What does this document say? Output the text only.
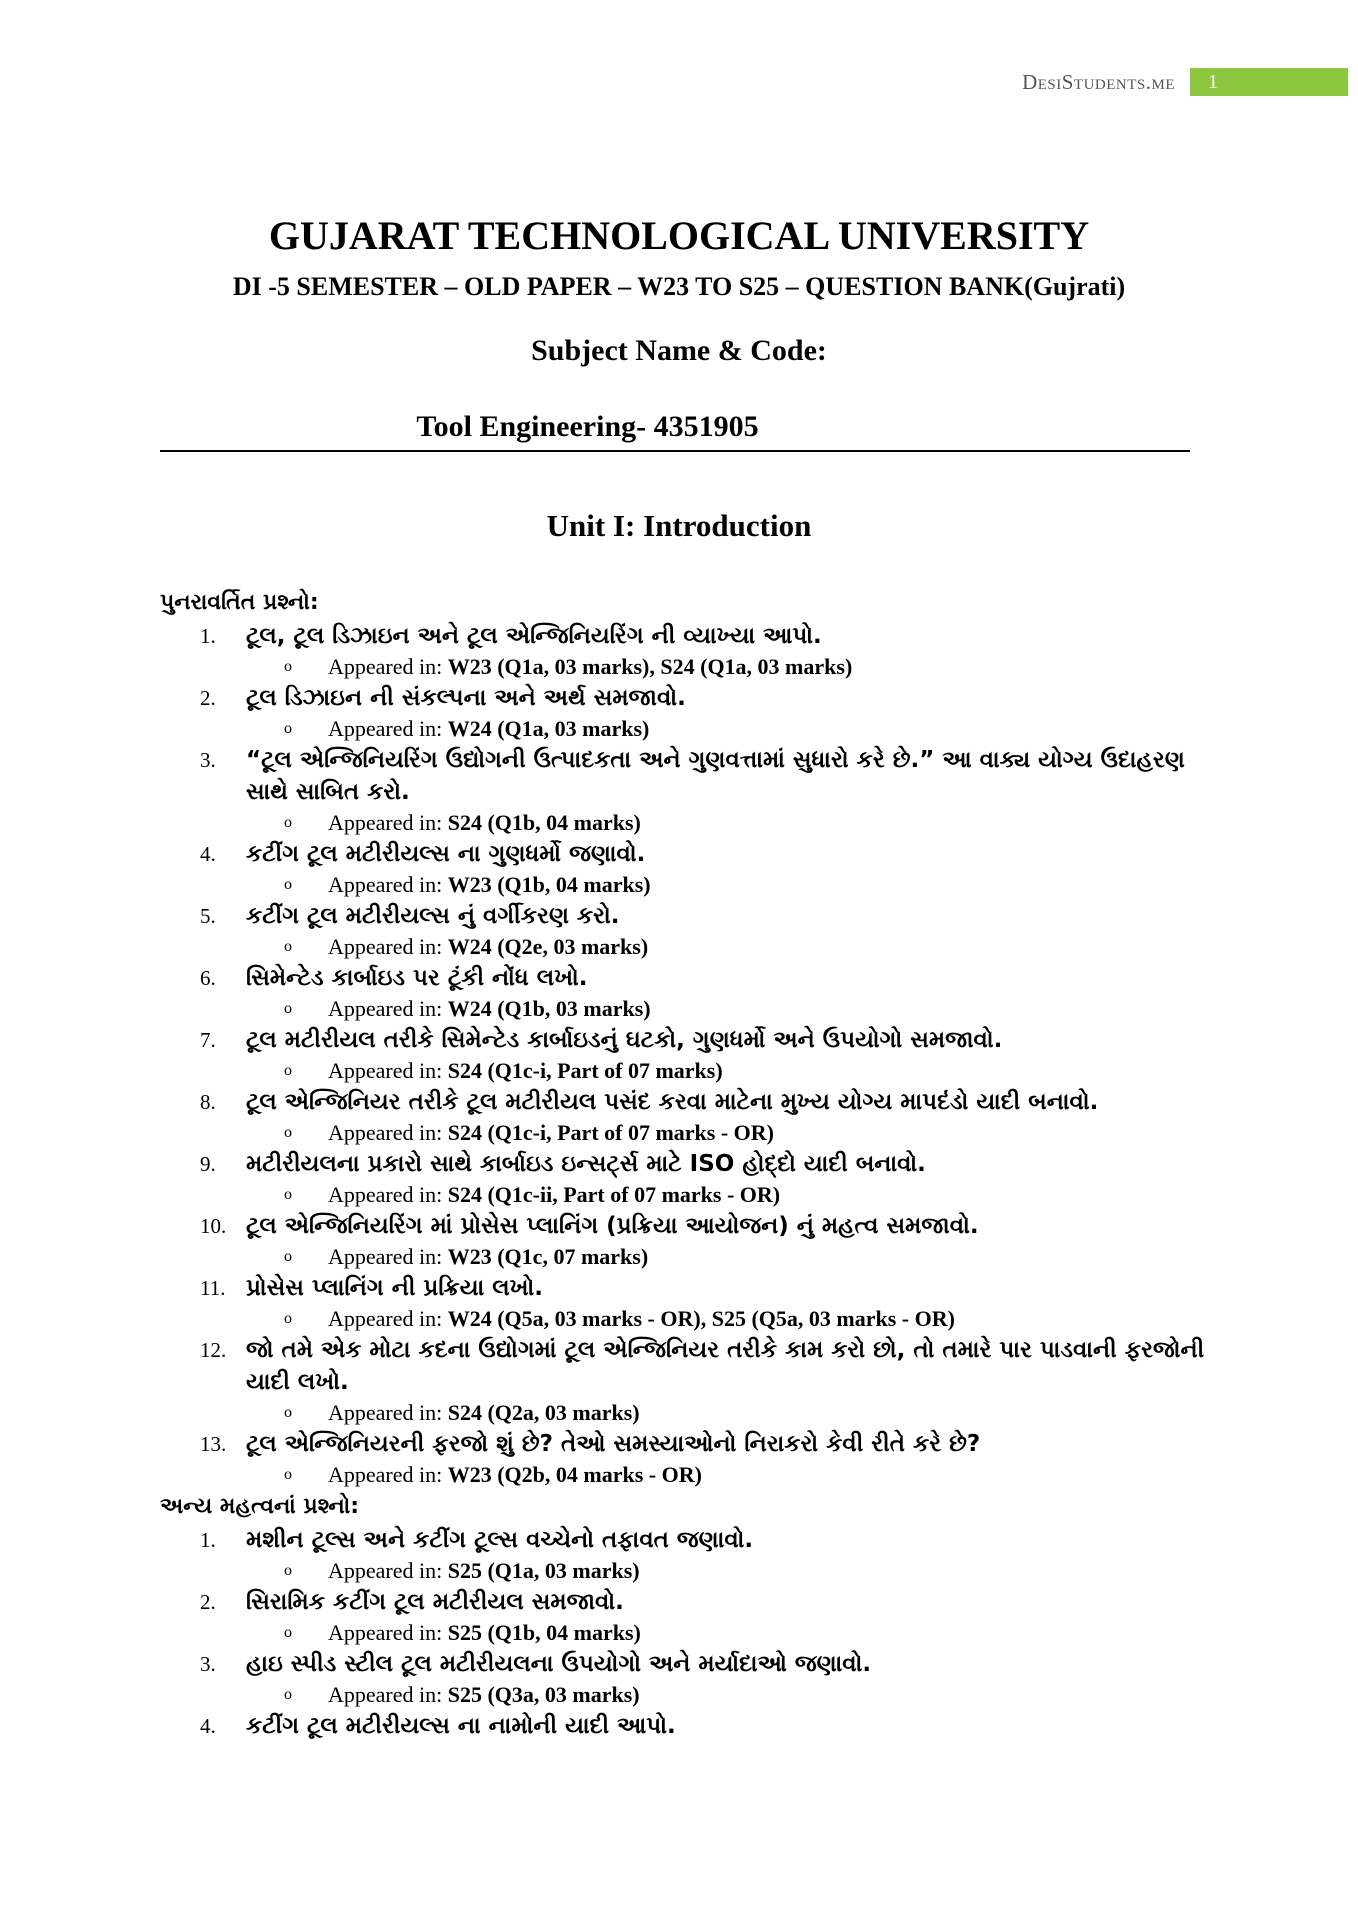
DesiStudents.me	1
GUJARAT TECHNOLOGICAL UNIVERSITY
DI -5 SEMESTER – OLD PAPER – W23 TO S25 – QUESTION BANK(Gujrati)
Subject Name & Code:
Tool Engineering- 4351905
Unit I: Introduction
પુનરાવર્તિત પ્રશ્નો:
1. ટૂલ, ટૂલ ડિઝાઇન અને ટૂલ એન્જિનિયરિંગ ની વ્યાખ્યા આપો.
o Appeared in: W23 (Q1a, 03 marks), S24 (Q1a, 03 marks)
2. ટૂલ ડિઝાઇન ની સંકલ્પના અને અર્થ સમજાવો.
o Appeared in: W24 (Q1a, 03 marks)
3. “ટૂલ એન્જિનિયરિંગ ઉદ્યોગની ઉત્પાદકતા અને ગુણવત્તામાં સુધારો કરે છે.” આ વાક્ય યોગ્ય ઉદાહરણ સાથે સાબિત કરો.
o Appeared in: S24 (Q1b, 04 marks)
4. કટીંગ ટૂલ મટીરીયલ્સ ના ગુણધર્મો જણાવો.
o Appeared in: W23 (Q1b, 04 marks)
5. કટીંગ ટૂલ મટીરીયલ્સ નું વર્ગીકરણ કરો.
o Appeared in: W24 (Q2e, 03 marks)
6. સિમેન્ટેડ કાર્બાઇડ પર ટૂંકી નોંધ લખો.
o Appeared in: W24 (Q1b, 03 marks)
7. ટૂલ મટીરીયલ તરીકે સિમેન્ટેડ કાર્બાઇડનું ઘટકો, ગુણધર્મો અને ઉપયોગો સમજાવો.
o Appeared in: S24 (Q1c-i, Part of 07 marks)
8. ટૂલ એન્જિનિયર તરીકે ટૂલ મટીરીયલ પસંદ કરવા માટેના મુખ્ય યોગ્ય માપદંડો યાદી બનાવો.
o Appeared in: S24 (Q1c-i, Part of 07 marks - OR)
9. મટીરીયલના પ્રકારો સાથે કાર્બાઇડ ઇન્સર્ટ્સ માટે ISO હોદ્દો યાદી બનાવો.
o Appeared in: S24 (Q1c-ii, Part of 07 marks - OR)
10. ટૂલ એન્જિનિયરિંગ માં પ્રોસેસ પ્લાનિંગ (પ્રક્રિયા આયોજન) નું મહત્વ સમજાવો.
o Appeared in: W23 (Q1c, 07 marks)
11. પ્રોસેસ પ્લાનિંગ ની પ્રક્રિયા લખો.
o Appeared in: W24 (Q5a, 03 marks - OR), S25 (Q5a, 03 marks - OR)
12. જો તમે એક મોટા કદના ઉદ્યોગમાં ટૂલ એન્જિનિયર તરીકે કામ કરો છો, તો તમારે પાર પાડવાની ફરજોની યાદી લખો.
o Appeared in: S24 (Q2a, 03 marks)
13. ટૂલ એન્જિનિયરની ફરજો શું છે? તેઓ સમસ્યાઓનો નિરાકરો કેવી રીતે કરે છે?
o Appeared in: W23 (Q2b, 04 marks - OR)
અન્ય મહત્વનાં પ્રશ્નો:
1. મશીન ટૂલ્સ અને કટીંગ ટૂલ્સ વચ્ચેનો તફાવત જણાવો.
o Appeared in: S25 (Q1a, 03 marks)
2. સિરામિક કટીંગ ટૂલ મટીરીયલ સમજાવો.
o Appeared in: S25 (Q1b, 04 marks)
3. હાઇ સ્પીડ સ્ટીલ ટૂલ મટીરીયલના ઉપયોગો અને મર્યાદાઓ જણાવો.
o Appeared in: S25 (Q3a, 03 marks)
4. કટીંગ ટૂલ મટીરીયલ્સ ના નામોની યાદી આપો.
